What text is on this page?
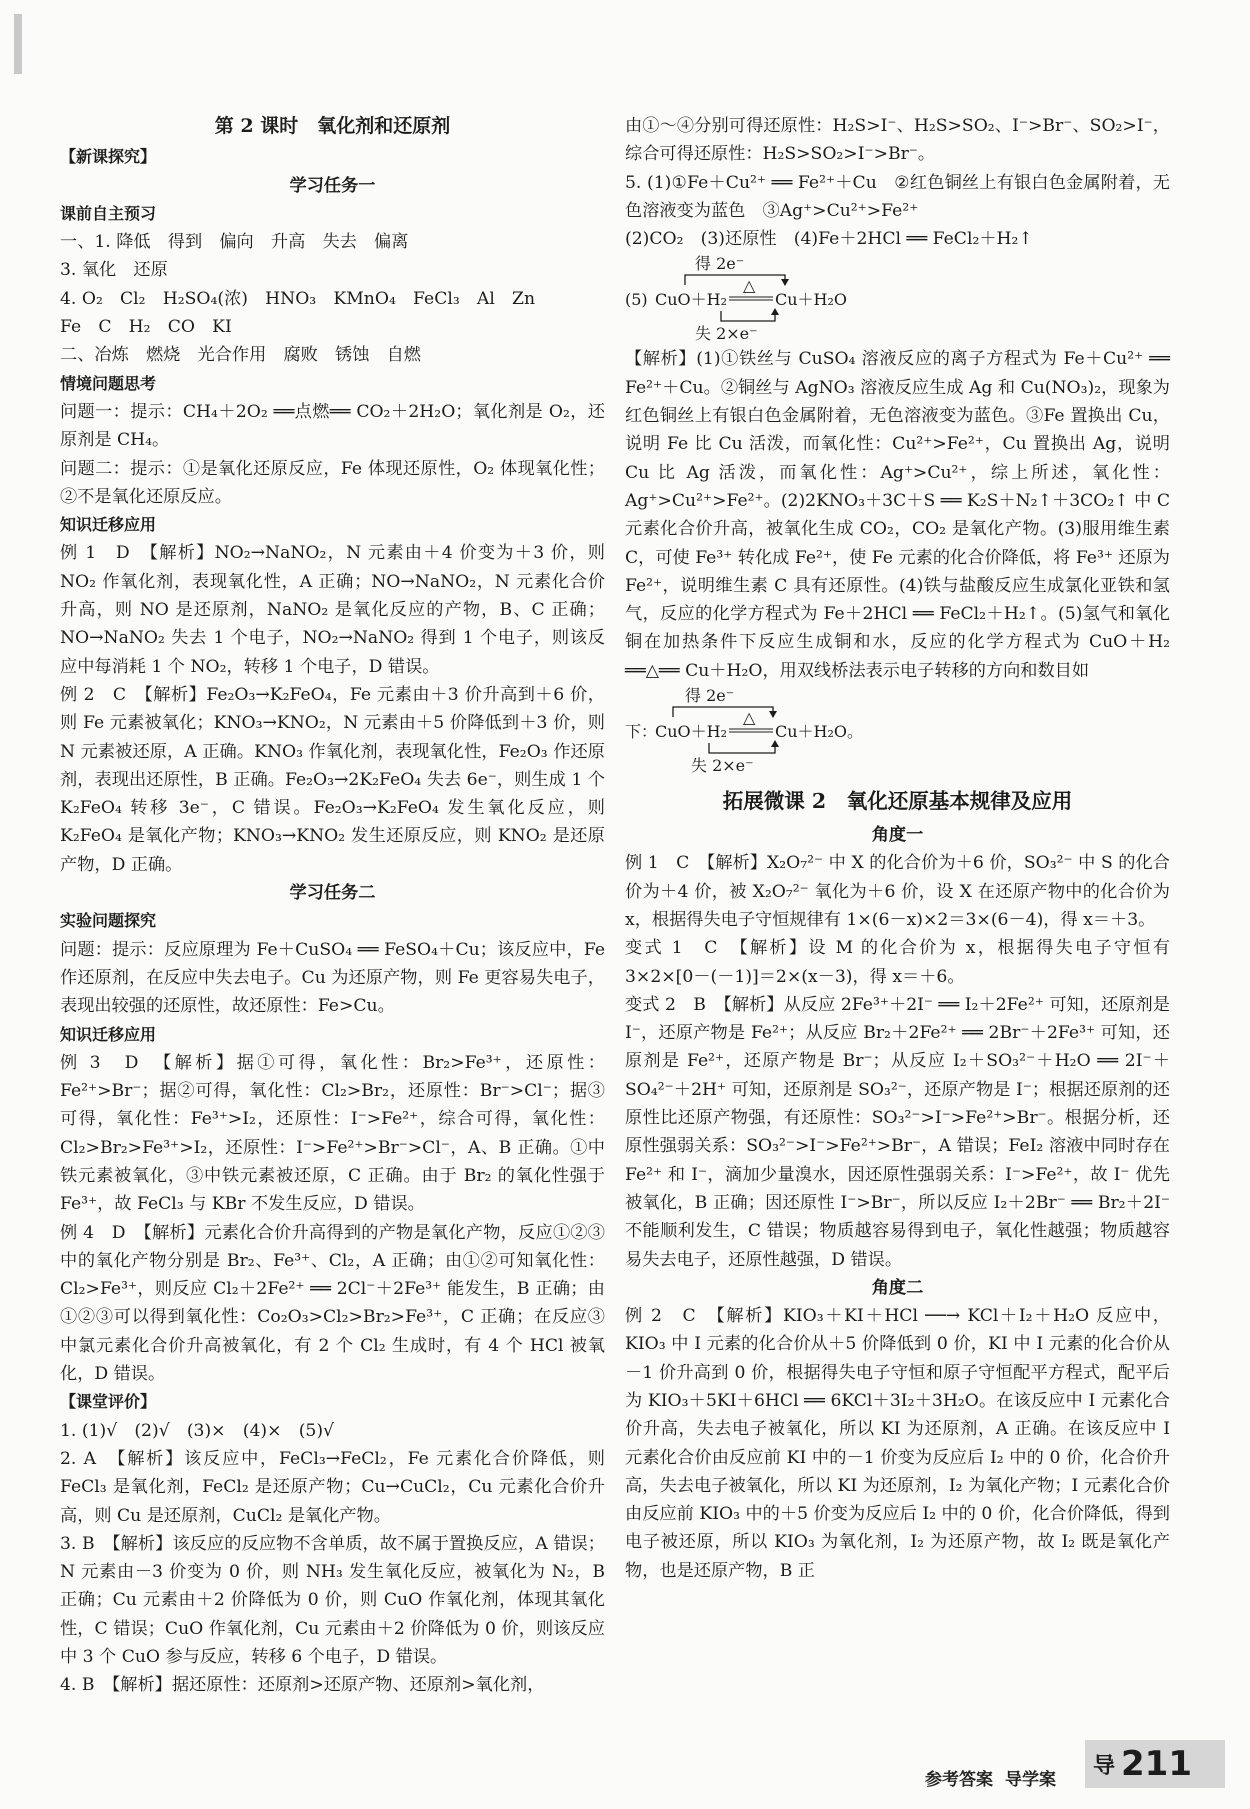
第 2 课时　氧化剂和还原剂

【新课探究】

学习任务一

课前自主预习

一、1. 降低　得到　偏向　升高　失去　偏离

3. 氧化　还原

4. O₂　Cl₂　H₂SO₄(浓)　HNO₃　KMnO₄　FeCl₃　Al　Zn

Fe　C　H₂　CO　KI

二、冶炼　燃烧　光合作用　腐败　锈蚀　自燃

情境问题思考

问题一：提示：CH₄＋2O₂ ══点燃══ CO₂＋2H₂O；氧化剂是 O₂，还原剂是 CH₄。

问题二：提示：①是氧化还原反应，Fe 体现还原性，O₂ 体现氧化性；②不是氧化还原反应。

知识迁移应用

例 1　D　【解析】NO₂→NaNO₂，N 元素由＋4 价变为＋3 价，则 NO₂ 作氧化剂，表现氧化性，A 正确；NO→NaNO₂，N 元素化合价升高，则 NO 是还原剂，NaNO₂ 是氧化反应的产物，B、C 正确；NO→NaNO₂ 失去 1 个电子，NO₂→NaNO₂ 得到 1 个电子，则该反应中每消耗 1 个 NO₂，转移 1 个电子，D 错误。

例 2　C　【解析】Fe₂O₃→K₂FeO₄，Fe 元素由＋3 价升高到＋6 价，则 Fe 元素被氧化；KNO₃→KNO₂，N 元素由＋5 价降低到＋3 价，则 N 元素被还原，A 正确。KNO₃ 作氧化剂，表现氧化性，Fe₂O₃ 作还原剂，表现出还原性，B 正确。Fe₂O₃→2K₂FeO₄ 失去 6e⁻，则生成 1 个 K₂FeO₄ 转移 3e⁻，C 错误。Fe₂O₃→K₂FeO₄ 发生氧化反应，则 K₂FeO₄ 是氧化产物；KNO₃→KNO₂ 发生还原反应，则 KNO₂ 是还原产物，D 正确。

学习任务二

实验问题探究

问题：提示：反应原理为 Fe＋CuSO₄ ══ FeSO₄＋Cu；该反应中，Fe 作还原剂，在反应中失去电子。Cu 为还原产物，则 Fe 更容易失电子，表现出较强的还原性，故还原性：Fe>Cu。

知识迁移应用

例 3　D　【解析】据①可得，氧化性：Br₂>Fe³⁺，还原性：Fe²⁺>Br⁻；据②可得，氧化性：Cl₂>Br₂，还原性：Br⁻>Cl⁻；据③可得，氧化性：Fe³⁺>I₂，还原性：I⁻>Fe²⁺，综合可得，氧化性：Cl₂>Br₂>Fe³⁺>I₂，还原性：I⁻>Fe²⁺>Br⁻>Cl⁻，A、B 正确。①中铁元素被氧化，③中铁元素被还原，C 正确。由于 Br₂ 的氧化性强于 Fe³⁺，故 FeCl₃ 与 KBr 不发生反应，D 错误。

例 4　D　【解析】元素化合价升高得到的产物是氧化产物，反应①②③中的氧化产物分别是 Br₂、Fe³⁺、Cl₂，A 正确；由①②可知氧化性：Cl₂>Fe³⁺，则反应 Cl₂＋2Fe²⁺ ══ 2Cl⁻＋2Fe³⁺ 能发生，B 正确；由①②③可以得到氧化性：Co₂O₃>Cl₂>Br₂>Fe³⁺，C 正确；在反应③中氯元素化合价升高被氧化，有 2 个 Cl₂ 生成时，有 4 个 HCl 被氧化，D 错误。

【课堂评价】

1. (1)√　(2)√　(3)×　(4)×　(5)√

2. A　【解析】该反应中，FeCl₃→FeCl₂，Fe 元素化合价降低，则 FeCl₃ 是氧化剂，FeCl₂ 是还原产物；Cu→CuCl₂，Cu 元素化合价升高，则 Cu 是还原剂，CuCl₂ 是氧化产物。

3. B　【解析】该反应的反应物不含单质，故不属于置换反应，A 错误；N 元素由－3 价变为 0 价，则 NH₃ 发生氧化反应，被氧化为 N₂，B 正确；Cu 元素由＋2 价降低为 0 价，则 CuO 作氧化剂，体现其氧化性，C 错误；CuO 作氧化剂，Cu 元素由＋2 价降低为 0 价，则该反应中 3 个 CuO 参与反应，转移 6 个电子，D 错误。

4. B　【解析】据还原性：还原剂>还原产物、还原剂>氧化剂，

由①～④分别可得还原性：H₂S>I⁻、H₂S>SO₂、I⁻>Br⁻、SO₂>I⁻，综合可得还原性：H₂S>SO₂>I⁻>Br⁻。

5. (1)①Fe＋Cu²⁺ ══ Fe²⁺＋Cu　②红色铜丝上有银白色金属附着，无色溶液变为蓝色　③Ag⁺>Cu²⁺>Fe²⁺

(2)CO₂　(3)还原性　(4)Fe＋2HCl ══ FeCl₂＋H₂↑

得 2e⁻
(5) CuO＋H₂
△
Cu＋H₂O
失 2×e⁻

【解析】(1)①铁丝与 CuSO₄ 溶液反应的离子方程式为 Fe＋Cu²⁺ ══ Fe²⁺＋Cu。②铜丝与 AgNO₃ 溶液反应生成 Ag 和 Cu(NO₃)₂，现象为红色铜丝上有银白色金属附着，无色溶液变为蓝色。③Fe 置换出 Cu，说明 Fe 比 Cu 活泼，而氧化性：Cu²⁺>Fe²⁺，Cu 置换出 Ag，说明 Cu 比 Ag 活泼，而氧化性：Ag⁺>Cu²⁺，综上所述，氧化性：Ag⁺>Cu²⁺>Fe²⁺。(2)2KNO₃＋3C＋S ══ K₂S＋N₂↑＋3CO₂↑ 中 C 元素化合价升高，被氧化生成 CO₂，CO₂ 是氧化产物。(3)服用维生素 C，可使 Fe³⁺ 转化成 Fe²⁺，使 Fe 元素的化合价降低，将 Fe³⁺ 还原为 Fe²⁺，说明维生素 C 具有还原性。(4)铁与盐酸反应生成氯化亚铁和氢气，反应的化学方程式为 Fe＋2HCl ══ FeCl₂＋H₂↑。(5)氢气和氧化铜在加热条件下反应生成铜和水，反应的化学方程式为 CuO＋H₂ ══△══ Cu＋H₂O，用双线桥法表示电子转移的方向和数目如

得 2e⁻
下：
CuO＋H₂
△
Cu＋H₂O。
失 2×e⁻

拓展微课 2　氧化还原基本规律及应用

角度一

例 1　C　【解析】X₂O₇²⁻ 中 X 的化合价为＋6 价，SO₃²⁻ 中 S 的化合价为＋4 价，被 X₂O₇²⁻ 氧化为＋6 价，设 X 在还原产物中的化合价为 x，根据得失电子守恒规律有 1×(6－x)×2＝3×(6－4)，得 x＝＋3。

变式 1　C　【解析】设 M 的化合价为 x，根据得失电子守恒有 3×2×[0－(－1)]＝2×(x－3)，得 x＝＋6。

变式 2　B　【解析】从反应 2Fe³⁺＋2I⁻ ══ I₂＋2Fe²⁺ 可知，还原剂是 I⁻，还原产物是 Fe²⁺；从反应 Br₂＋2Fe²⁺ ══ 2Br⁻＋2Fe³⁺ 可知，还原剂是 Fe²⁺，还原产物是 Br⁻；从反应 I₂＋SO₃²⁻＋H₂O ══ 2I⁻＋SO₄²⁻＋2H⁺ 可知，还原剂是 SO₃²⁻，还原产物是 I⁻；根据还原剂的还原性比还原产物强，有还原性：SO₃²⁻>I⁻>Fe²⁺>Br⁻。根据分析，还原性强弱关系：SO₃²⁻>I⁻>Fe²⁺>Br⁻，A 错误；FeI₂ 溶液中同时存在 Fe²⁺ 和 I⁻，滴加少量溴水，因还原性强弱关系：I⁻>Fe²⁺，故 I⁻ 优先被氧化，B 正确；因还原性 I⁻>Br⁻，所以反应 I₂＋2Br⁻ ══ Br₂＋2I⁻ 不能顺利发生，C 错误；物质越容易得到电子，氧化性越强；物质越容易失去电子，还原性越强，D 错误。

角度二

例 2　C　【解析】KIO₃＋KI＋HCl ──→ KCl＋I₂＋H₂O 反应中，KIO₃ 中 I 元素的化合价从＋5 价降低到 0 价，KI 中 I 元素的化合价从－1 价升高到 0 价，根据得失电子守恒和原子守恒配平方程式，配平后为 KIO₃＋5KI＋6HCl ══ 6KCl＋3I₂＋3H₂O。在该反应中 I 元素化合价升高，失去电子被氧化，所以 KI 为还原剂，A 正确。在该反应中 I 元素化合价由反应前 KI 中的－1 价变为反应后 I₂ 中的 0 价，化合价升高，失去电子被氧化，所以 KI 为还原剂，I₂ 为氧化产物；I 元素化合价由反应前 KIO₃ 中的＋5 价变为反应后 I₂ 中的 0 价，化合价降低，得到电子被还原，所以 KIO₃ 为氧化剂，I₂ 为还原产物，故 I₂ 既是氧化产物，也是还原产物，B 正

参考答案 导学案
导 211
